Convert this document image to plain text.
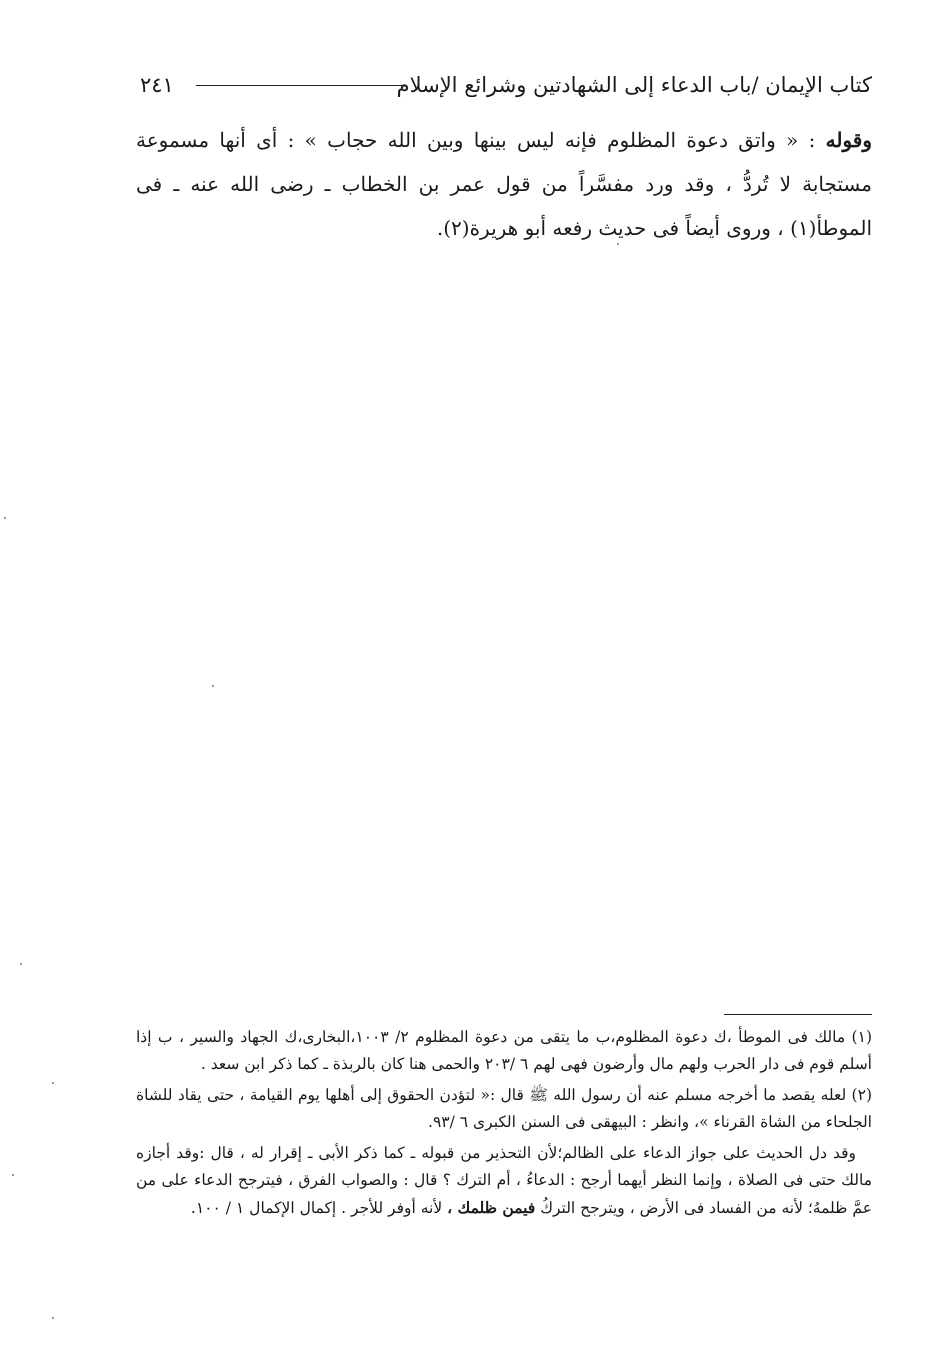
كتاب الإيمان /باب الدعاء إلى الشهادتين وشرائع الإسلام
٢٤١
وقوله : « واتق دعوة المظلوم فإنه ليس بينها وبين الله حجاب » : أى أنها مسموعة مستجابة لا تُردُّ ، وقد ورد مفسَّراً من قول عمر بن الخطاب ـ رضى الله عنه ـ فى الموطأ(١) ، وروى أيضاً فى حديث رفعه أبو هريرة(٢).

(١) مالك فى الموطأ ،ك دعوة المظلوم،ب ما يتقى من دعوة المظلوم ٢/ ١٠٠٣،البخارى،ك الجهاد والسير ، ب إذا أسلم قوم فى دار الحرب ولهم مال وأرضون فهى لهم ٦ /٢٠٣ والحمى هنا كان بالربذة ـ كما ذكر ابن سعد .

(٢) لعله يقصد ما أخرجه مسلم عنه أن رسول الله ﷺ قال :« لتؤدن الحقوق إلى أهلها يوم القيامة ، حتى يقاد للشاة الجلحاء من الشاة القرناء »، وانظر : البيهقى فى السنن الكبرى ٦ /٩٣.

وقد دل الحديث على جواز الدعاء على الظالم؛لأن التحذير من قبوله ـ كما ذكر الأبى ـ إقرار له ، قال :وقد أجازه مالك حتى فى الصلاة ، وإنما النظر أيهما أرجح : الدعاءُ ، أم الترك ؟ قال : والصواب الفرق ، فيترجح الدعاء على من عمَّ ظلمهُ؛ لأنه من الفساد فى الأرض ، ويترجح التركُ فيمن ظلمك ، لأنه أوفر للأجر . إكمال الإكمال ١ / ١٠٠.
